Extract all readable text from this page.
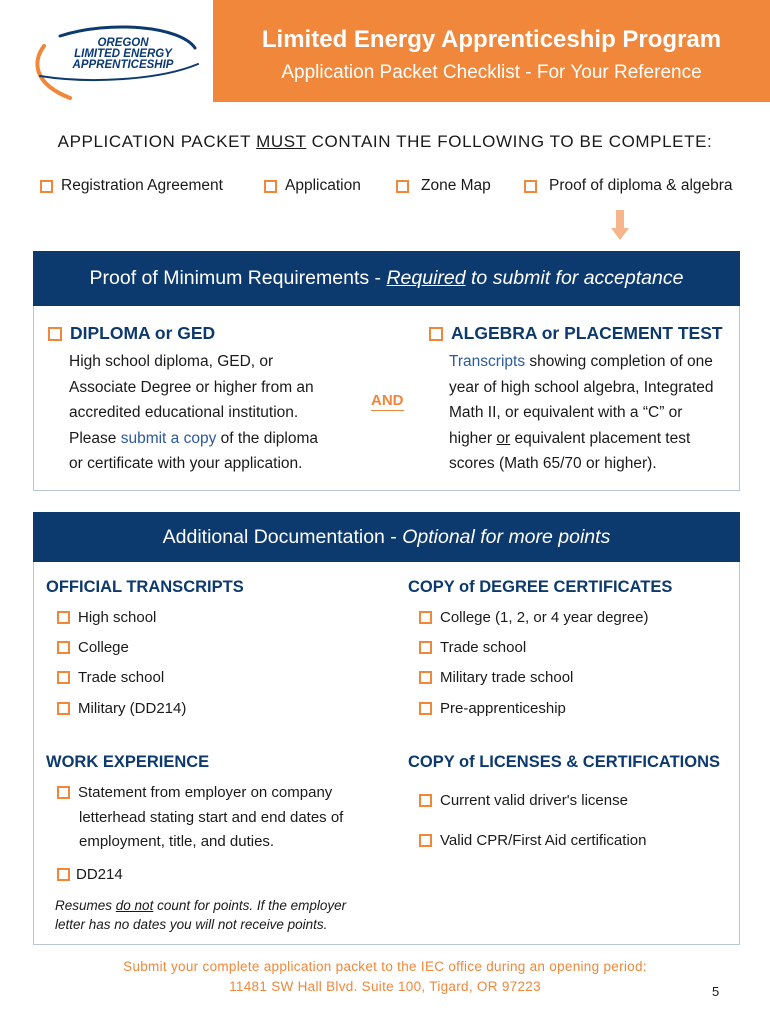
OREGON
LIMITED ENERGY
APPRENTICESHIP
Limited Energy Apprenticeship Program
Application Packet Checklist - For Your Reference
APPLICATION PACKET MUST CONTAIN THE FOLLOWING TO BE COMPLETE:
Registration Agreement	Application	Zone Map	Proof of diploma & algebra
Proof of Minimum Requirements - Required to submit for acceptance
DIPLOMA or GED
High school diploma, GED, or
Associate Degree or higher from an
accredited educational institution.
Please submit a copy of the diploma
or certificate with your application.
AND
ALGEBRA or PLACEMENT TEST
Transcripts showing completion of one
year of high school algebra, Integrated
Math II, or equivalent with a “C” or
higher or equivalent placement test
scores (Math 65/70 or higher).
Additional Documentation - Optional for more points
OFFICIAL TRANSCRIPTS
High school
College
Trade school
Military (DD214)
COPY of DEGREE CERTIFICATES
College (1, 2, or 4 year degree)
Trade school
Military trade school
Pre-apprenticeship
WORK EXPERIENCE
Statement from employer on company
letterhead stating start and end dates of
employment, title, and duties.
DD214
Resumes do not count for points. If the employer
letter has no dates you will not receive points.
COPY of LICENSES & CERTIFICATIONS
Current valid driver's license
Valid CPR/First Aid certification
Submit your complete application packet to the IEC office during an opening period:
11481 SW Hall Blvd. Suite 100, Tigard, OR 97223	5
